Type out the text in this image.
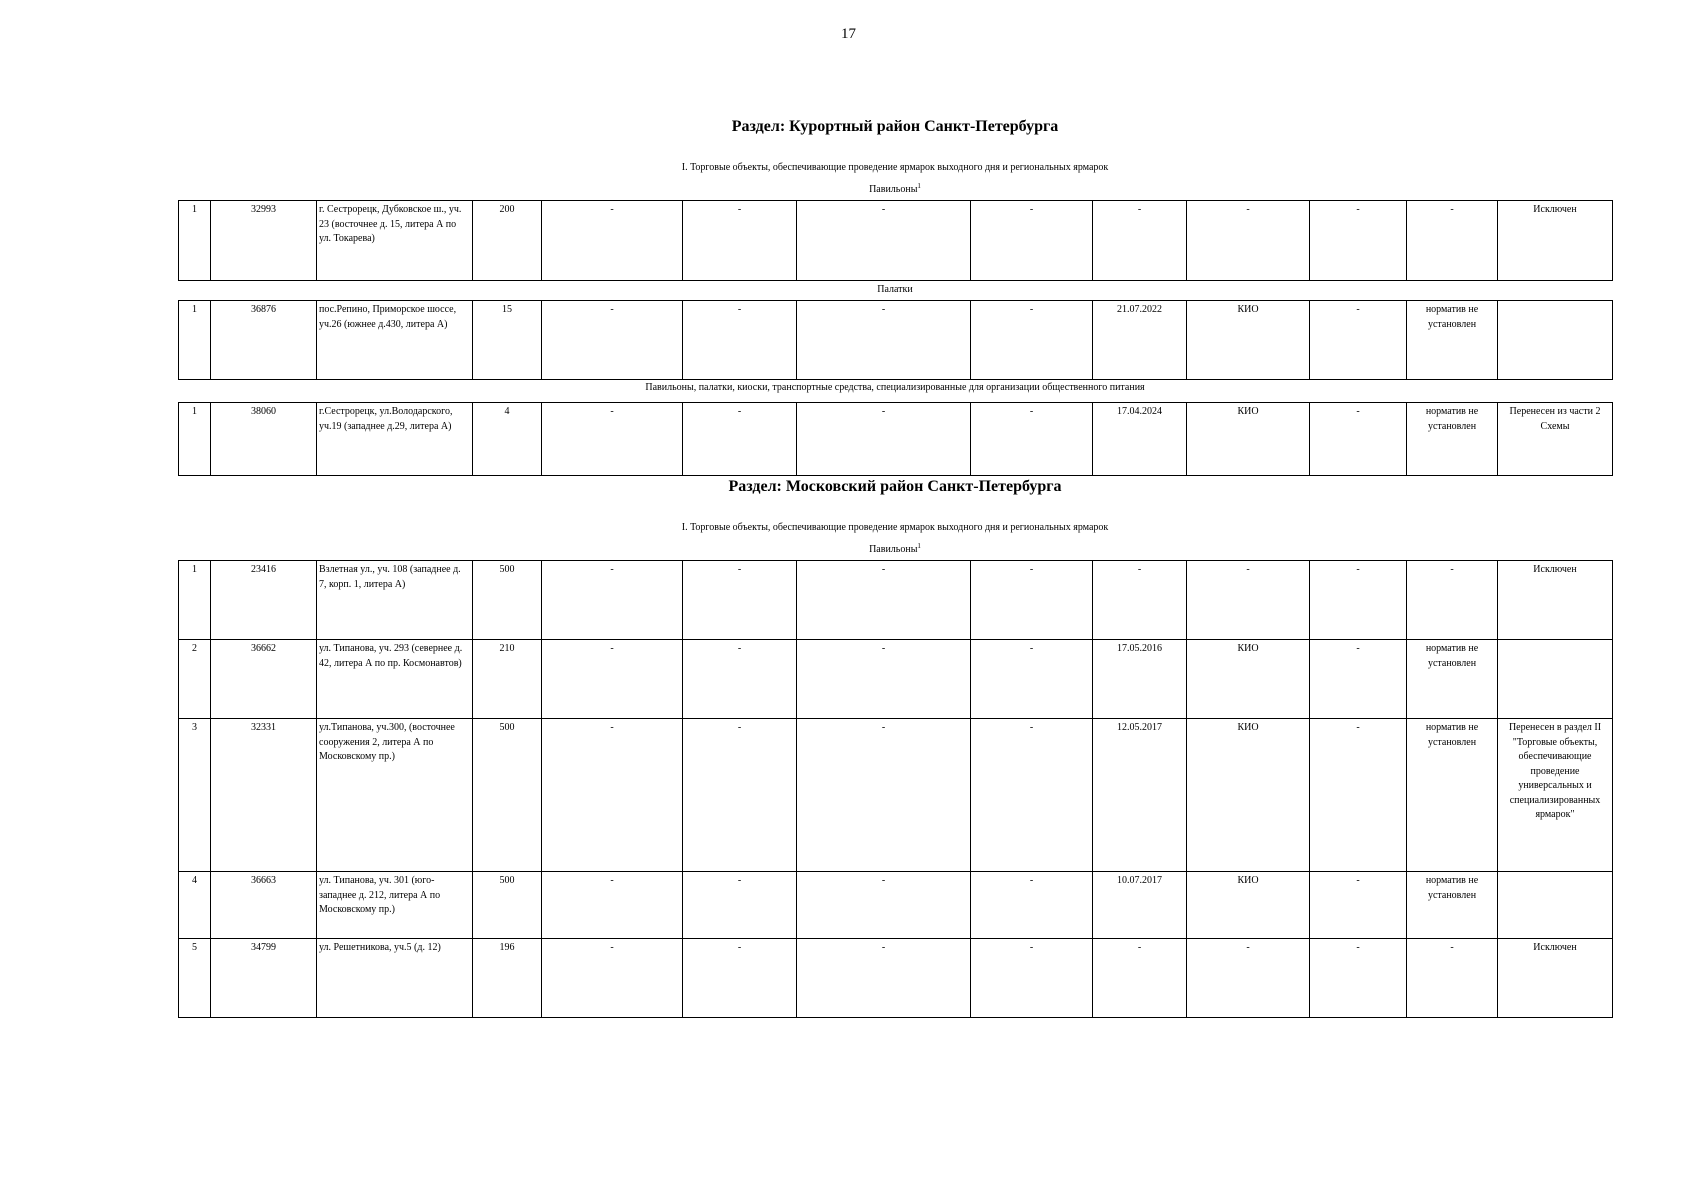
17
Раздел: Курортный район Санкт-Петербурга
I. Торговые объекты, обеспечивающие проведение ярмарок выходного дня и региональных ярмарок
Павильоны$^1$
1	32993	г. Сестрорецк, Дубковское ш., уч. 23 (восточнее д. 15, литера А по ул. Токарева)	200	-	-	-	-	-	-	-	-	Исключен
Палатки
1	36876	пос.Репино, Приморское шоссе, уч.26 (южнее д.430, литера А)	15	-	-	-	-	21.07.2022	КИО	-	норматив не установлен	
Павильоны, палатки, киоски, транспортные средства, специализированные для организации общественного питания
1	38060	г.Сестрорецк, ул.Володарского, уч.19 (западнее д.29, литера А)	4	-	-	-	-	17.04.2024	КИО	-	норматив не установлен	Перенесен из части 2 Схемы
Раздел: Московский район Санкт-Петербурга
I. Торговые объекты, обеспечивающие проведение ярмарок выходного дня и региональных ярмарок
Павильоны$^1$
1	23416	Взлетная ул., уч. 108 (западнее д. 7, корп. 1, литера А)	500	-	-	-	-	-	-	-	-	Исключен
2	36662	ул. Типанова, уч. 293 (севернее д. 42, литера А по пр. Космонавтов)	210	-	-	-	-	17.05.2016	КИО	-	норматив не установлен	
3	32331	ул.Типанова, уч.300, (восточнее сооружения 2, литера А по Московскому пр.)	500	-	-	-	-	12.05.2017	КИО	-	норматив не установлен	Перенесен в раздел II "Торговые объекты, обеспечивающие проведение универсальных и специализированных ярмарок"
4	36663	ул. Типанова, уч. 301 (юго-западнее д. 212, литера А по Московскому пр.)	500	-	-	-	-	10.07.2017	КИО	-	норматив не установлен	
5	34799	ул. Решетникова, уч.5 (д. 12)	196	-	-	-	-	-	-	-	-	Исключен
